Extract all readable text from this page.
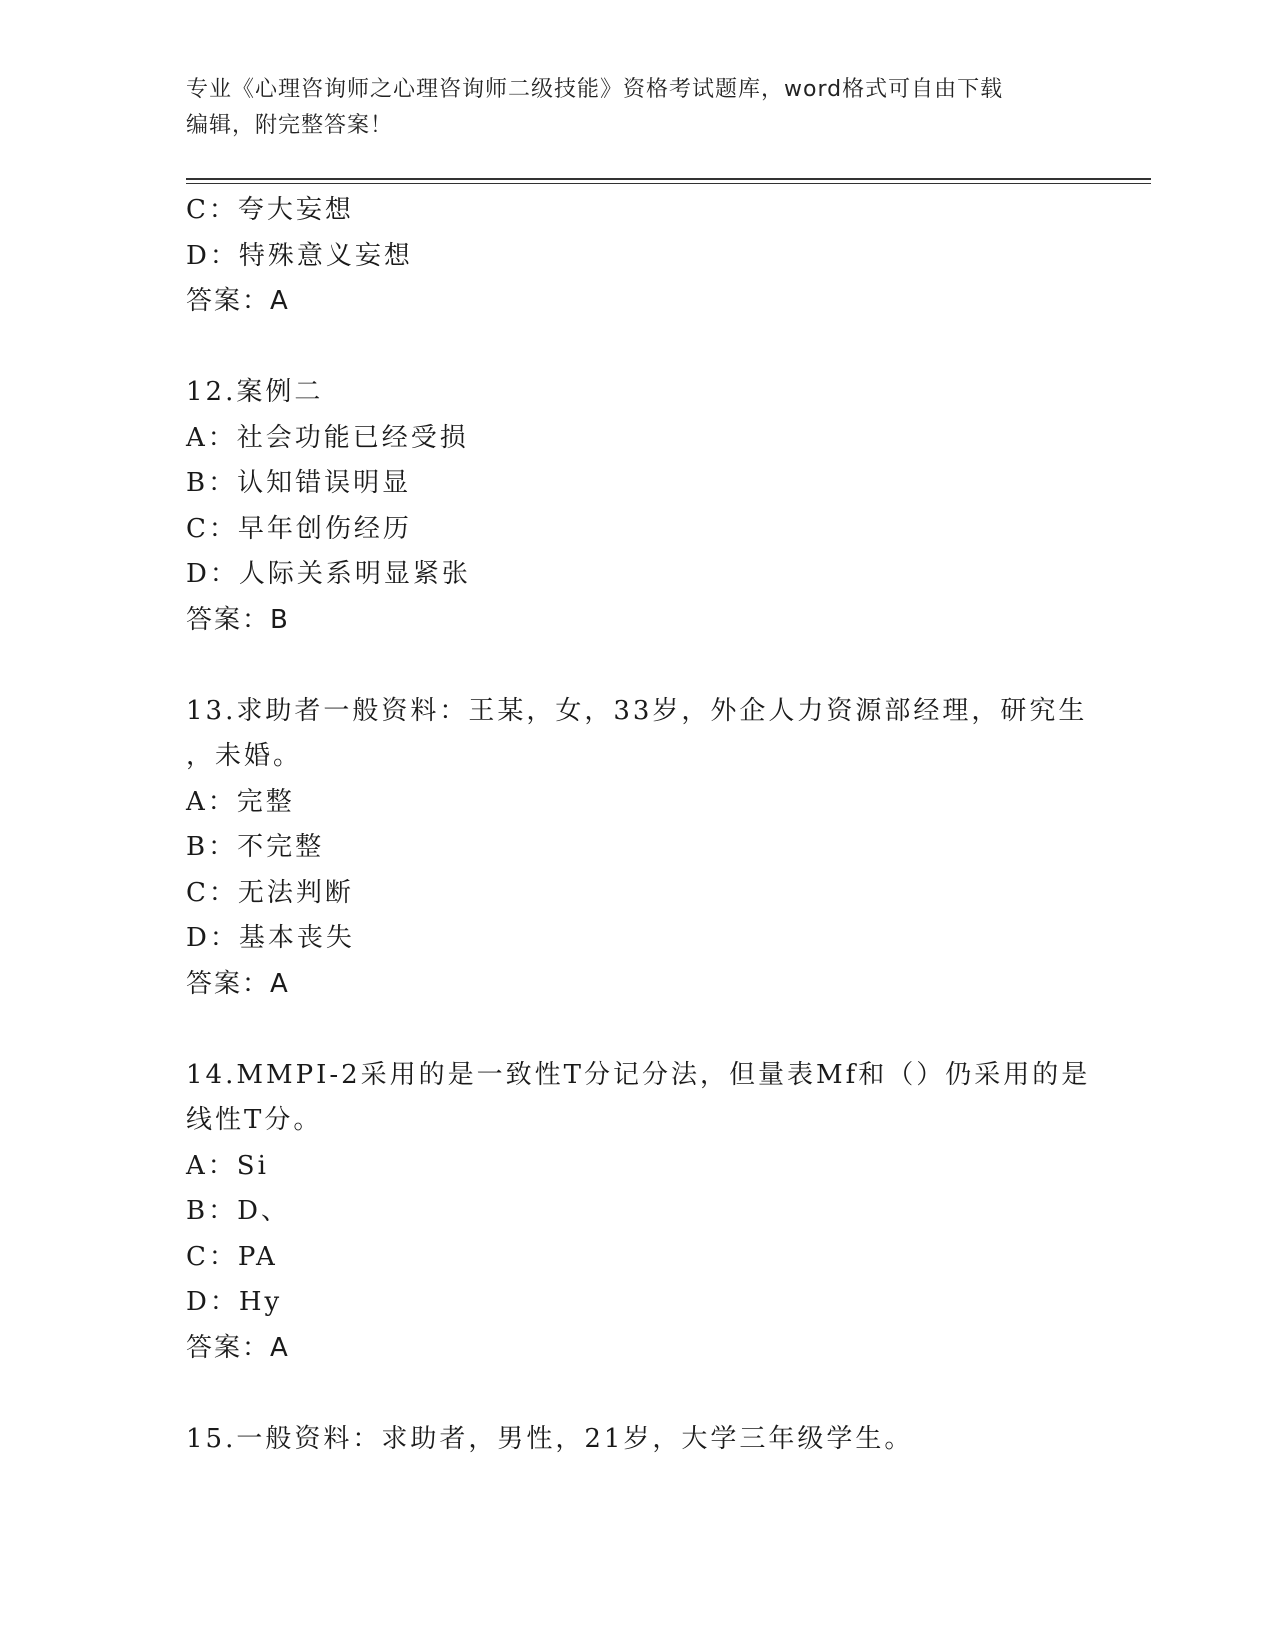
专业《心理咨询师之心理咨询师二级技能》资格考试题库，word格式可自由下载
编辑，附完整答案！
C：夸大妄想
D：特殊意义妄想
答案：A
12.案例二
A：社会功能已经受损
B：认知错误明显
C：早年创伤经历
D：人际关系明显紧张
答案：B
13.求助者一般资料：王某，女，33岁，外企人力资源部经理，研究生
，未婚。
A：完整
B：不完整
C：无法判断
D：基本丧失
答案：A
14.MMPI-2采用的是一致性T分记分法，但量表Mf和（）仍采用的是
线性T分。
A：Si
B：D、
C：PA
D：Hy
答案：A
15.一般资料：求助者，男性，21岁，大学三年级学生。
